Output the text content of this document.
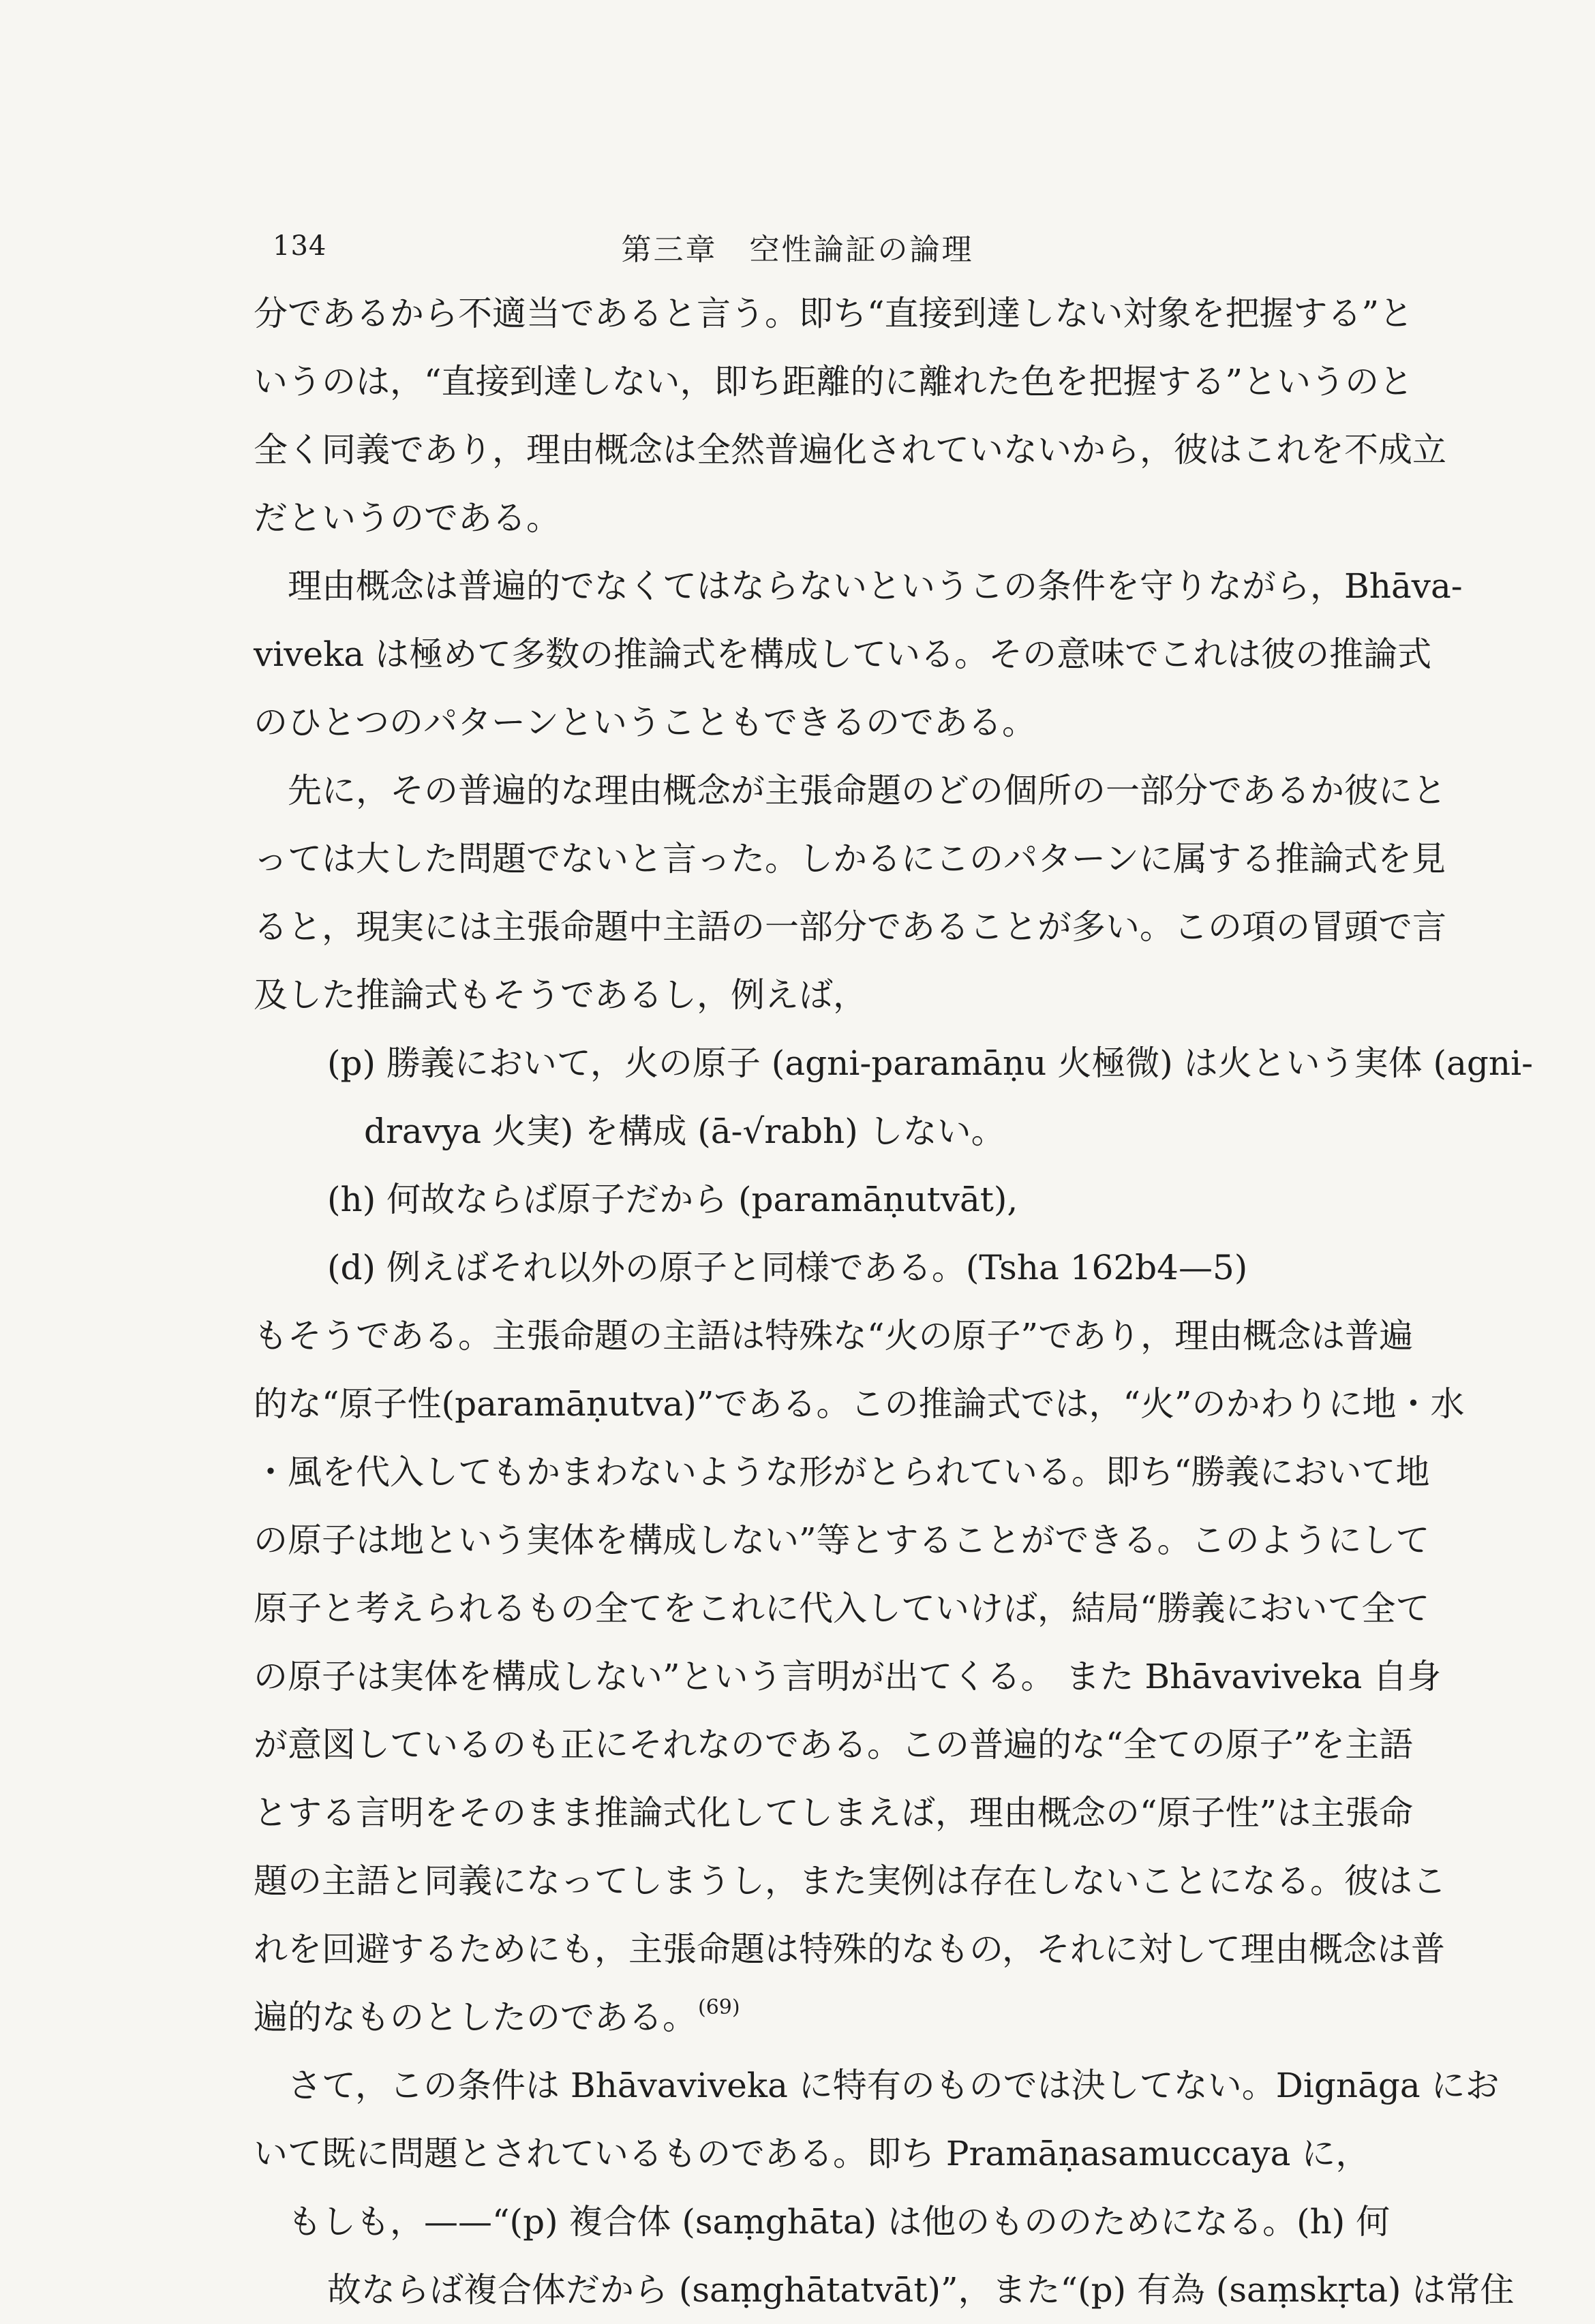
134	第三章　空性論証の論理

分であるから不適当であると言う。即ち“直接到達しない対象を把握する”と

いうのは，“直接到達しない，即ち距離的に離れた色を把握する”というのと

全く同義であり，理由概念は全然普遍化されていないから，彼はこれを不成立

だというのである。

理由概念は普遍的でなくてはならないというこの条件を守りながら，Bhāva-

viveka は極めて多数の推論式を構成している。その意味でこれは彼の推論式

のひとつのパターンということもできるのである。

先に，その普遍的な理由概念が主張命題のどの個所の一部分であるか彼にと

っては大した問題でないと言った。しかるにこのパターンに属する推論式を見

ると，現実には主張命題中主語の一部分であることが多い。この項の冒頭で言

及した推論式もそうであるし，例えば，

(p) 勝義において，火の原子 (agni-paramāṇu 火極微) は火という実体 (agni-

dravya 火実) を構成 (ā-√rabh) しない。

(h) 何故ならば原子だから (paramāṇutvāt),

(d) 例えばそれ以外の原子と同様である。(Tsha 162b4—5)

もそうである。主張命題の主語は特殊な“火の原子”であり，理由概念は普遍

的な“原子性(paramāṇutva)”である。この推論式では，“火”のかわりに地・水

・風を代入してもかまわないような形がとられている。即ち“勝義において地

の原子は地という実体を構成しない”等とすることができる。このようにして

原子と考えられるもの全てをこれに代入していけば，結局“勝義において全て

の原子は実体を構成しない”という言明が出てくる。 また Bhāvaviveka 自身

が意図しているのも正にそれなのである。この普遍的な“全ての原子”を主語

とする言明をそのまま推論式化してしまえば，理由概念の“原子性”は主張命

題の主語と同義になってしまうし，また実例は存在しないことになる。彼はこ

れを回避するためにも，主張命題は特殊的なもの，それに対して理由概念は普

遍的なものとしたのである。 (69)

さて，この条件は Bhāvaviveka に特有のものでは決してない。Dignāga にお

いて既に問題とされているものである。即ち Pramāṇasamuccaya に，

もしも，——“(p) 複合体 (saṃghāta) は他のもののためになる。(h) 何

故ならば複合体だから (saṃghātatvāt)”，また“(p) 有為 (saṃskṛta) は常住
